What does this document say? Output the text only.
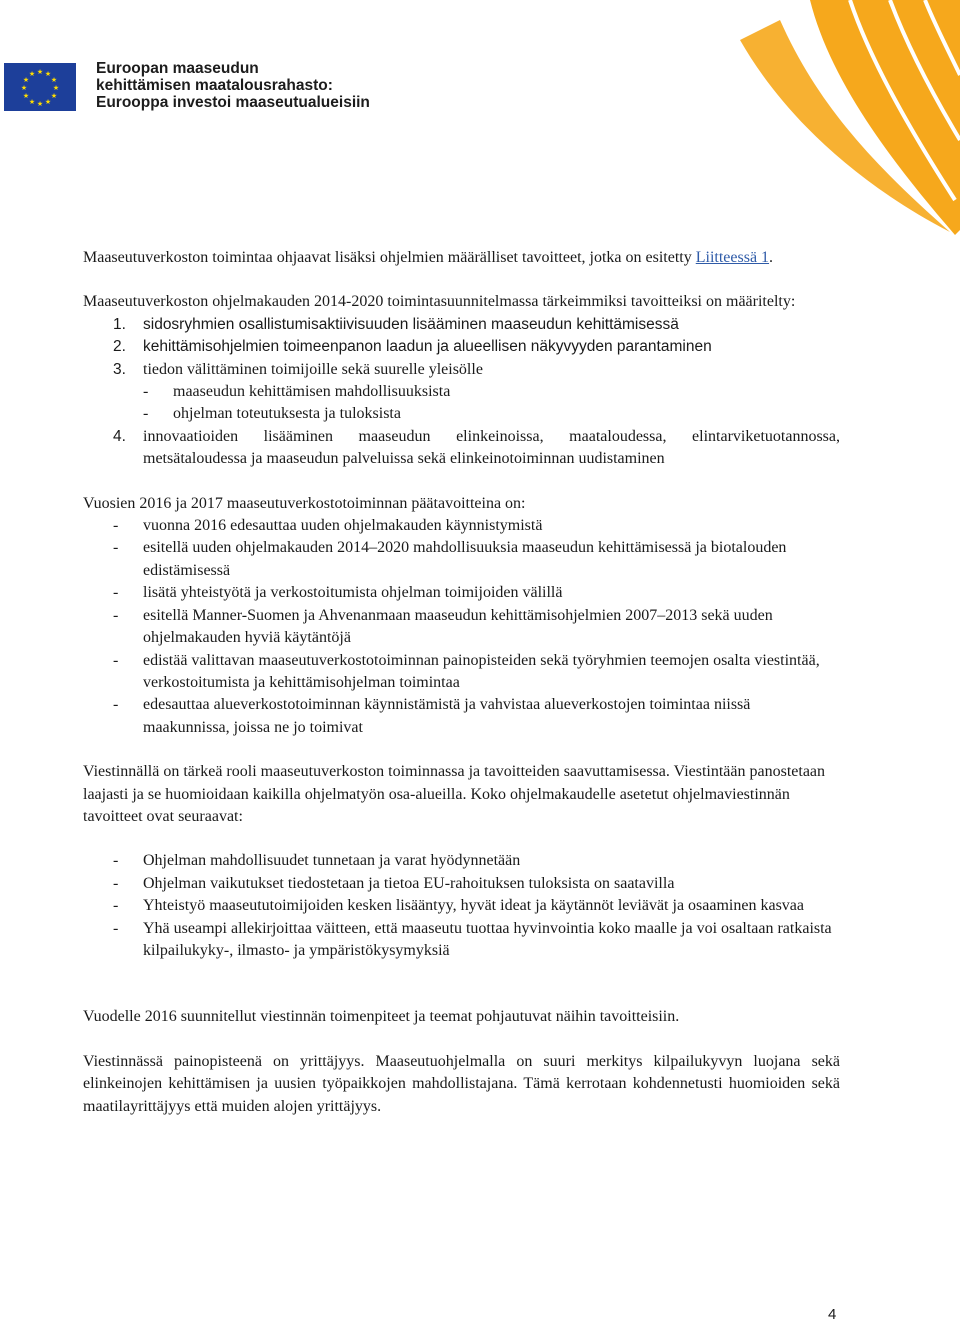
★ ★
★
★
★
★
★
★
★
★
★
★	Euroopan maaseudun
kehittämisen maatalousrahasto:
Eurooppa investoi maaseutualueisiin

Maaseutuverkoston toimintaa ohjaavat lisäksi ohjelmien määrälliset tavoitteet, jotka on esitetty Liitteessä 1.

Maaseutuverkoston ohjelmakauden 2014-2020 toimintasuunnitelmassa tärkeimmiksi tavoitteiksi on määritelty:

1. sidosryhmien osallistumisaktiivisuuden lisääminen maaseudun kehittämisessä
2. kehittämisohjelmien toimeenpanon laadun ja alueellisen näkyvyyden parantaminen
3. tiedon välittäminen toimijoille sekä suurelle yleisölle
- maaseudun kehittämisen mahdollisuuksista
- ohjelman toteutuksesta ja tuloksista
4. innovaatioiden lisääminen maaseudun elinkeinoissa, maataloudessa, elintarviketuotannossa, metsätaloudessa ja maaseudun palveluissa sekä elinkeinotoiminnan uudistaminen

Vuosien 2016 ja 2017 maaseutuverkostotoiminnan päätavoitteina on:

- vuonna 2016 edesauttaa uuden ohjelmakauden käynnistymistä
- esitellä uuden ohjelmakauden 2014–2020 mahdollisuuksia maaseudun kehittämisessä ja biotalouden edistämisessä
- lisätä yhteistyötä ja verkostoitumista ohjelman toimijoiden välillä
- esitellä Manner-Suomen ja Ahvenanmaan maaseudun kehittämisohjelmien 2007–2013 sekä uuden ohjelmakauden hyviä käytäntöjä
- edistää valittavan maaseutuverkostotoiminnan painopisteiden sekä työryhmien teemojen osalta viestintää, verkostoitumista ja kehittämisohjelman toimintaa
- edesauttaa alueverkostotoiminnan käynnistämistä ja vahvistaa alueverkostojen toimintaa niissä maakunnissa, joissa ne jo toimivat

Viestinnällä on tärkeä rooli maaseutuverkoston toiminnassa ja tavoitteiden saavuttamisessa. Viestintään panostetaan laajasti ja se huomioidaan kaikilla ohjelmatyön osa-alueilla. Koko ohjelmakaudelle asetetut ohjelmaviestinnän tavoitteet ovat seuraavat:

- Ohjelman mahdollisuudet tunnetaan ja varat hyödynnetään
- Ohjelman vaikutukset tiedostetaan ja tietoa EU-rahoituksen tuloksista on saatavilla
- Yhteistyö maaseututoimijoiden kesken lisääntyy, hyvät ideat ja käytännöt leviävät ja osaaminen kasvaa
- Yhä useampi allekirjoittaa väitteen, että maaseutu tuottaa hyvinvointia koko maalle ja voi osaltaan ratkaista kilpailukyky-, ilmasto- ja ympäristökysymyksiä

Vuodelle 2016 suunnitellut viestinnän toimenpiteet ja teemat pohjautuvat näihin tavoitteisiin.

Viestinnässä painopisteenä on yrittäjyys. Maaseutuohjelmalla on suuri merkitys kilpailukyvyn luojana sekä elinkeinojen kehittämisen ja uusien työpaikkojen mahdollistajana. Tämä kerrotaan kohdennetusti huomioiden sekä maatilayrittäjyys että muiden alojen yrittäjyys.

4
